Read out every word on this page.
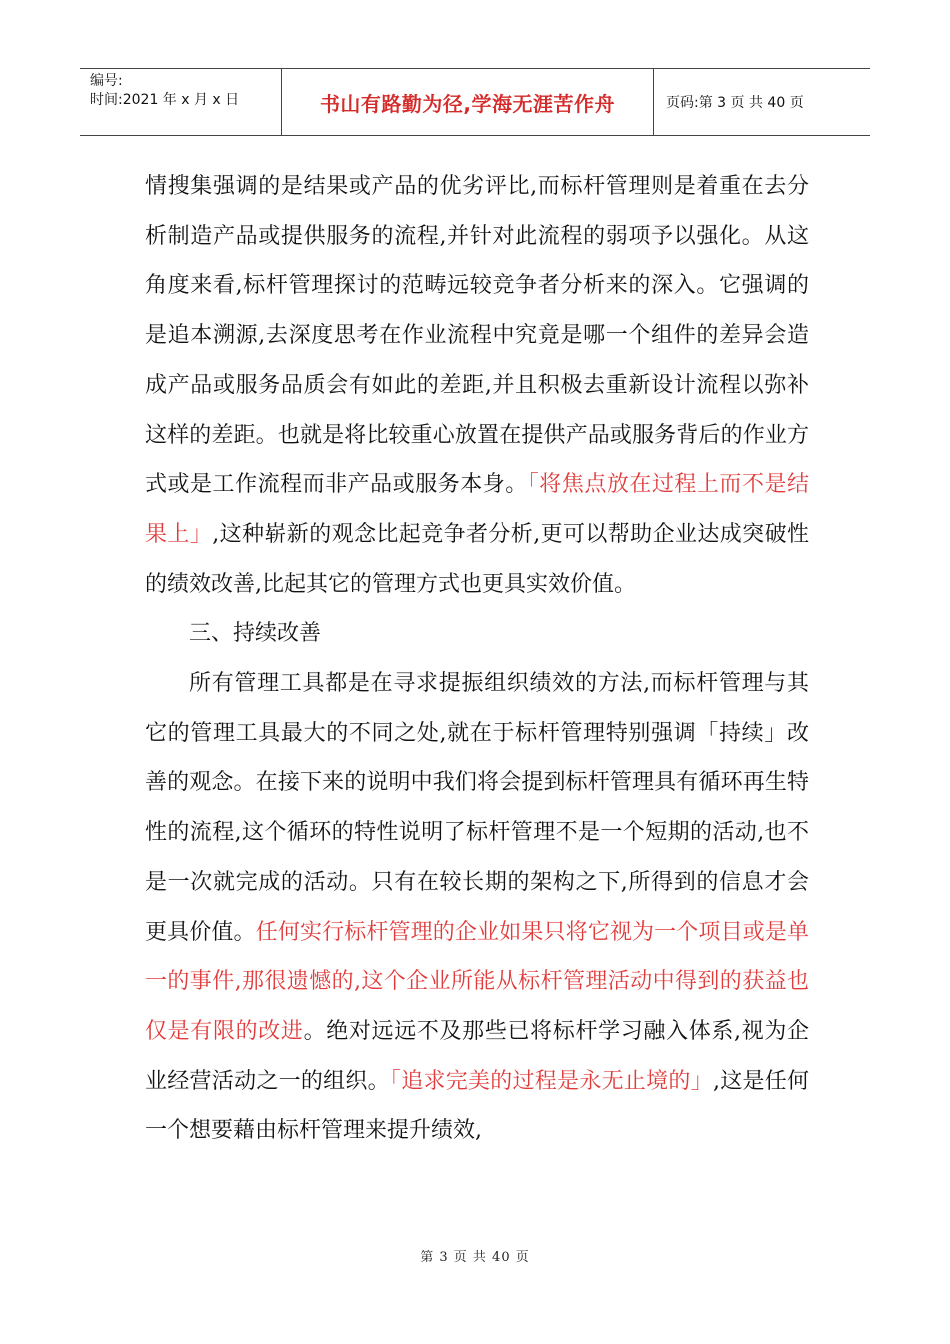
编号:
时间:2021 年 x 月 x 日	书山有路勤为径,学海无涯苦作舟	页码:第 3 页 共 40 页

情搜集强调的是结果或产品的优劣评比,而标杆管理则是着重在去分析制造产品或提供服务的流程,并针对此流程的弱项予以强化。从这角度来看,标杆管理探讨的范畴远较竞争者分析来的深入。它强调的是追本溯源,去深度思考在作业流程中究竟是哪一个组件的差异会造成产品或服务品质会有如此的差距,并且积极去重新设计流程以弥补这样的差距。也就是将比较重心放置在提供产品或服务背后的作业方式或是工作流程而非产品或服务本身。「将焦点放在过程上而不是结果上」,这种崭新的观念比起竞争者分析,更可以帮助企业达成突破性的绩效改善,比起其它的管理方式也更具实效价值。

三、持续改善

所有管理工具都是在寻求提振组织绩效的方法,而标杆管理与其它的管理工具最大的不同之处,就在于标杆管理特别强调「持续」改善的观念。在接下来的说明中我们将会提到标杆管理具有循环再生特性的流程,这个循环的特性说明了标杆管理不是一个短期的活动,也不是一次就完成的活动。只有在较长期的架构之下,所得到的信息才会更具价值。任何实行标杆管理的企业如果只将它视为一个项目或是单一的事件,那很遗憾的,这个企业所能从标杆管理活动中得到的获益也仅是有限的改进。绝对远远不及那些已将标杆学习融入体系,视为企业经营活动之一的组织。「追求完美的过程是永无止境的」,这是任何一个想要藉由标杆管理来提升绩效,

第 3 页 共 40 页
